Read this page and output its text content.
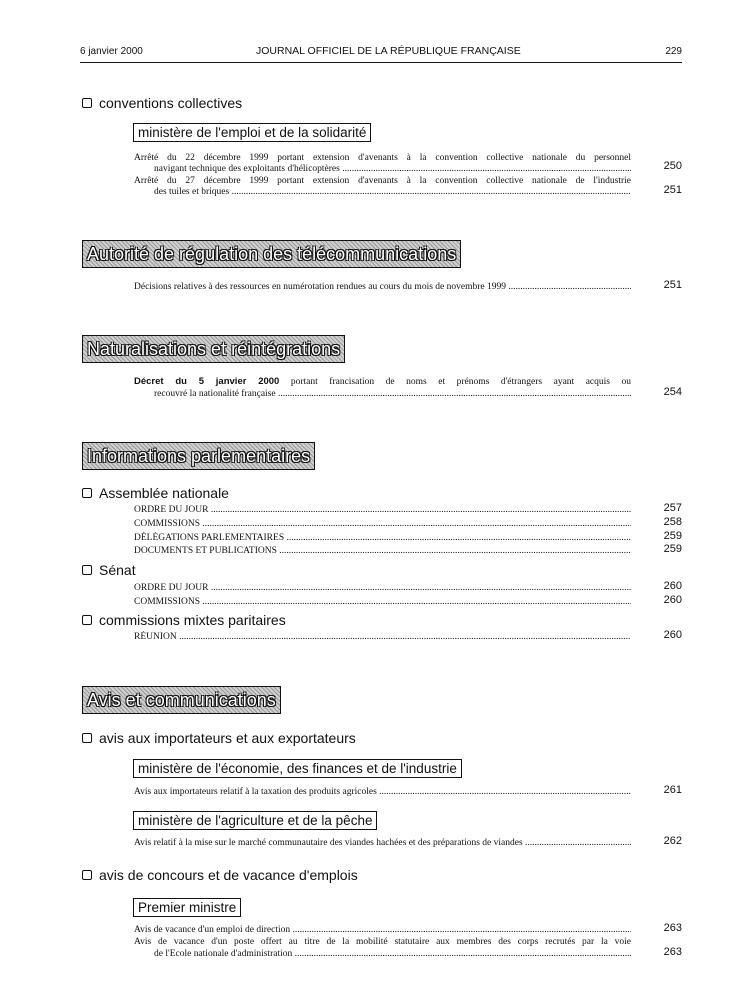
6 janvier 2000	JOURNAL OFFICIEL DE LA RÉPUBLIQUE FRANÇAISE	229
conventions collectives
ministère de l'emploi et de la solidarité
Arrêté du 22 décembre 1999 portant extension d'avenants à la convention collective nationale du personnel
navigant technique des exploitants d'hélicoptères .....	250
Arrêté du 27 décembre 1999 portant extension d'avenants à la convention collective nationale de l'industrie
des tuiles et briques .....	251
Autorité de régulation des télécommunications
Décisions relatives à des ressources en numérotation rendues au cours du mois de novembre 1999 .....	251
Naturalisations et réintégrations
Décret du 5 janvier 2000 portant francisation de noms et prénoms d'étrangers ayant acquis ou
recouvré la nationalité française .....	254
Informations parlementaires
Assemblée nationale
ORDRE DU JOUR .....	257
COMMISSIONS .....	258
DÉLÉGATIONS PARLEMENTAIRES .....	259
DOCUMENTS ET PUBLICATIONS .....	259
Sénat
ORDRE DU JOUR .....	260
COMMISSIONS .....	260
commissions mixtes paritaires
RÉUNION .....	260
Avis et communications
avis aux importateurs et aux exportateurs
ministère de l'économie, des finances et de l'industrie
Avis aux importateurs relatif à la taxation des produits agricoles .....	261
ministère de l'agriculture et de la pêche
Avis relatif à la mise sur le marché communautaire des viandes hachées et des préparations de viandes .....	262
avis de concours et de vacance d'emplois
Premier ministre
Avis de vacance d'un emploi de direction .....	263
Avis de vacance d'un poste offert au titre de la mobilité statutaire aux membres des corps recrutés par la voie
de l'Ecole nationale d'administration .....	263
